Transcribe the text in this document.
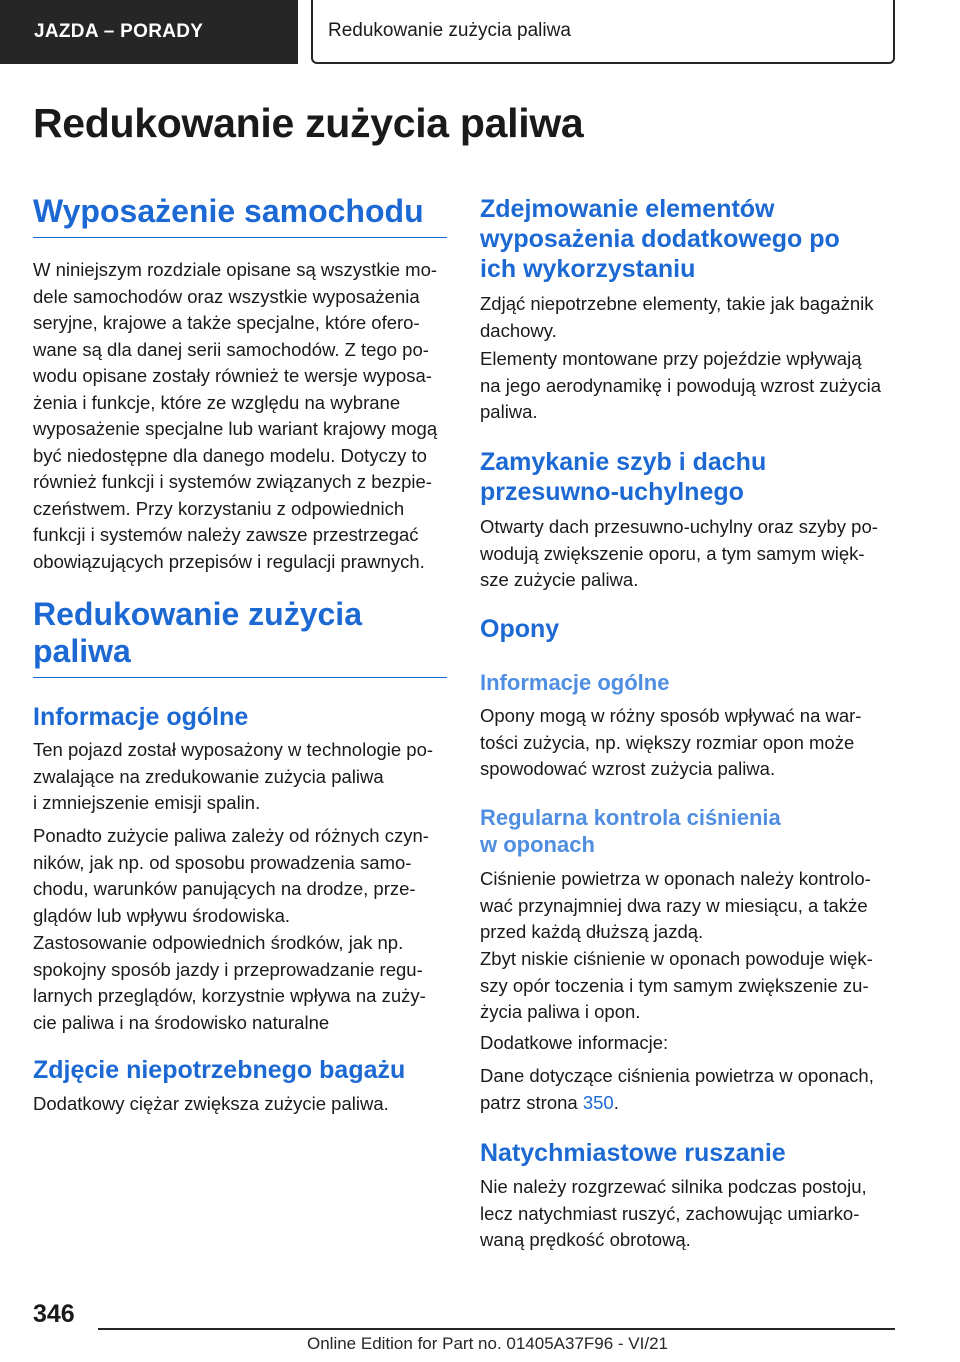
JAZDA – PORADY	Redukowanie zużycia paliwa
Redukowanie zużycia paliwa
Wyposażenie samochodu

W niniejszym rozdziale opisane są wszystkie mo-
dele samochodów oraz wszystkie wyposażenia
seryjne, krajowe a także specjalne, które ofero-
wane są dla danej serii samochodów. Z tego po-
wodu opisane zostały również te wersje wyposa-
żenia i funkcje, które ze względu na wybrane
wyposażenie specjalne lub wariant krajowy mogą
być niedostępne dla danego modelu. Dotyczy to
również funkcji i systemów związanych z bezpie-
czeństwem. Przy korzystaniu z odpowiednich
funkcji i systemów należy zawsze przestrzegać
obowiązujących przepisów i regulacji prawnych.

Redukowanie zużycia
paliwa
Informacje ogólne

Ten pojazd został wyposażony w technologie po-
zwalające na zredukowanie zużycia paliwa
i zmniejszenie emisji spalin.

Ponadto zużycie paliwa zależy od różnych czyn-
ników, jak np. od sposobu prowadzenia samo-
chodu, warunków panujących na drodze, prze-
glądów lub wpływu środowiska.

Zastosowanie odpowiednich środków, jak np.
spokojny sposób jazdy i przeprowadzanie regu-
larnych przeglądów, korzystnie wpływa na zuży-
cie paliwa i na środowisko naturalne

Zdjęcie niepotrzebnego bagażu

Dodatkowy ciężar zwiększa zużycie paliwa.

Zdejmowanie elementów
wyposażenia dodatkowego po
ich wykorzystaniu

Zdjąć niepotrzebne elementy, takie jak bagażnik
dachowy.

Elementy montowane przy pojeździe wpływają
na jego aerodynamikę i powodują wzrost zużycia
paliwa.

Zamykanie szyb i dachu
przesuwno-uchylnego

Otwarty dach przesuwno-uchylny oraz szyby po-
wodują zwiększenie oporu, a tym samym więk-
sze zużycie paliwa.

Opony
Informacje ogólne

Opony mogą w różny sposób wpływać na war-
tości zużycia, np. większy rozmiar opon może
spowodować wzrost zużycia paliwa.

Regularna kontrola ciśnienia
w oponach

Ciśnienie powietrza w oponach należy kontrolo-
wać przynajmniej dwa razy w miesiącu, a także
przed każdą dłuższą jazdą.

Zbyt niskie ciśnienie w oponach powoduje więk-
szy opór toczenia i tym samym zwiększenie zu-
życia paliwa i opon.

Dodatkowe informacje:

Dane dotyczące ciśnienia powietrza w oponach,
patrz strona 350.

Natychmiastowe ruszanie

Nie należy rozgrzewać silnika podczas postoju,
lecz natychmiast ruszyć, zachowując umiarko-
waną prędkość obrotową.

346

Online Edition for Part no. 01405A37F96 - VI/21
